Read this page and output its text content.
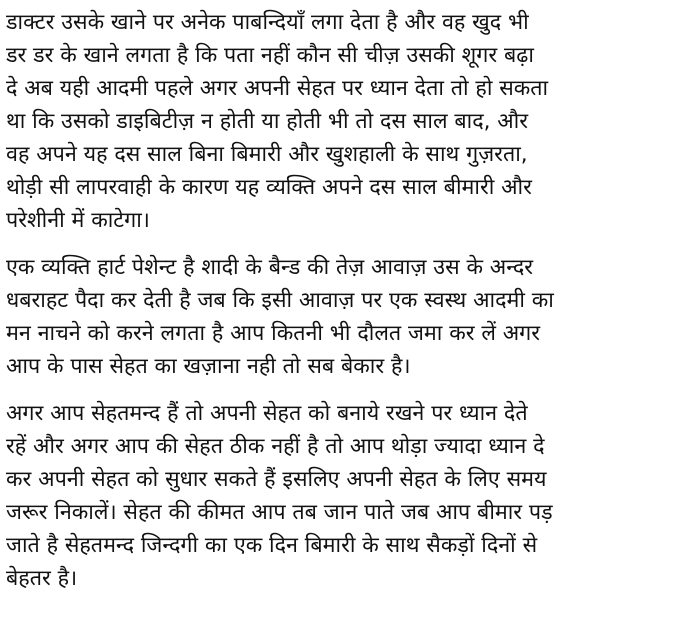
डाक्टर उसके खाने पर अनेक पाबन्दियाँ लगा देता है और वह खुद भी
डर डर के खाने लगता है कि पता नहीं कौन सी चीज़ उसकी शूगर बढ़ा
दे अब यही आदमी पहले अगर अपनी सेहत पर ध्यान देता तो हो सकता
था कि उसको डाइबिटीज़ न होती या होती भी तो दस साल बाद, और
वह अपने यह दस साल बिना बिमारी और खुशहाली के साथ गुज़रता,
थोड़ी सी लापरवाही के कारण यह व्यक्ति अपने दस साल बीमारी और
परेशीनी में काटेगा।

एक व्यक्ति हार्ट पेशेन्ट है शादी के बैन्ड की तेज़ आवाज़ उस के अन्दर
धबराहट पैदा कर देती है जब कि इसी आवाज़ पर एक स्वस्थ आदमी का
मन नाचने को करने लगता है आप कितनी भी दौलत जमा कर लें अगर
आप के पास सेहत का खज़ाना नही तो सब बेकार है।

अगर आप सेहतमन्द हैं तो अपनी सेहत को बनाये रखने पर ध्यान देते
रहें और अगर आप की सेहत ठीक नहीं है तो आप थोड़ा ज्यादा ध्यान दे
कर अपनी सेहत को सुधार सकते हैं इसलिए अपनी सेहत के लिए समय
जरूर निकालें। सेहत की कीमत आप तब जान पाते जब आप बीमार पड़
जाते है सेहतमन्द जिन्दगी का एक दिन बिमारी के साथ सैकड़ों दिनों से
बेहतर है।
